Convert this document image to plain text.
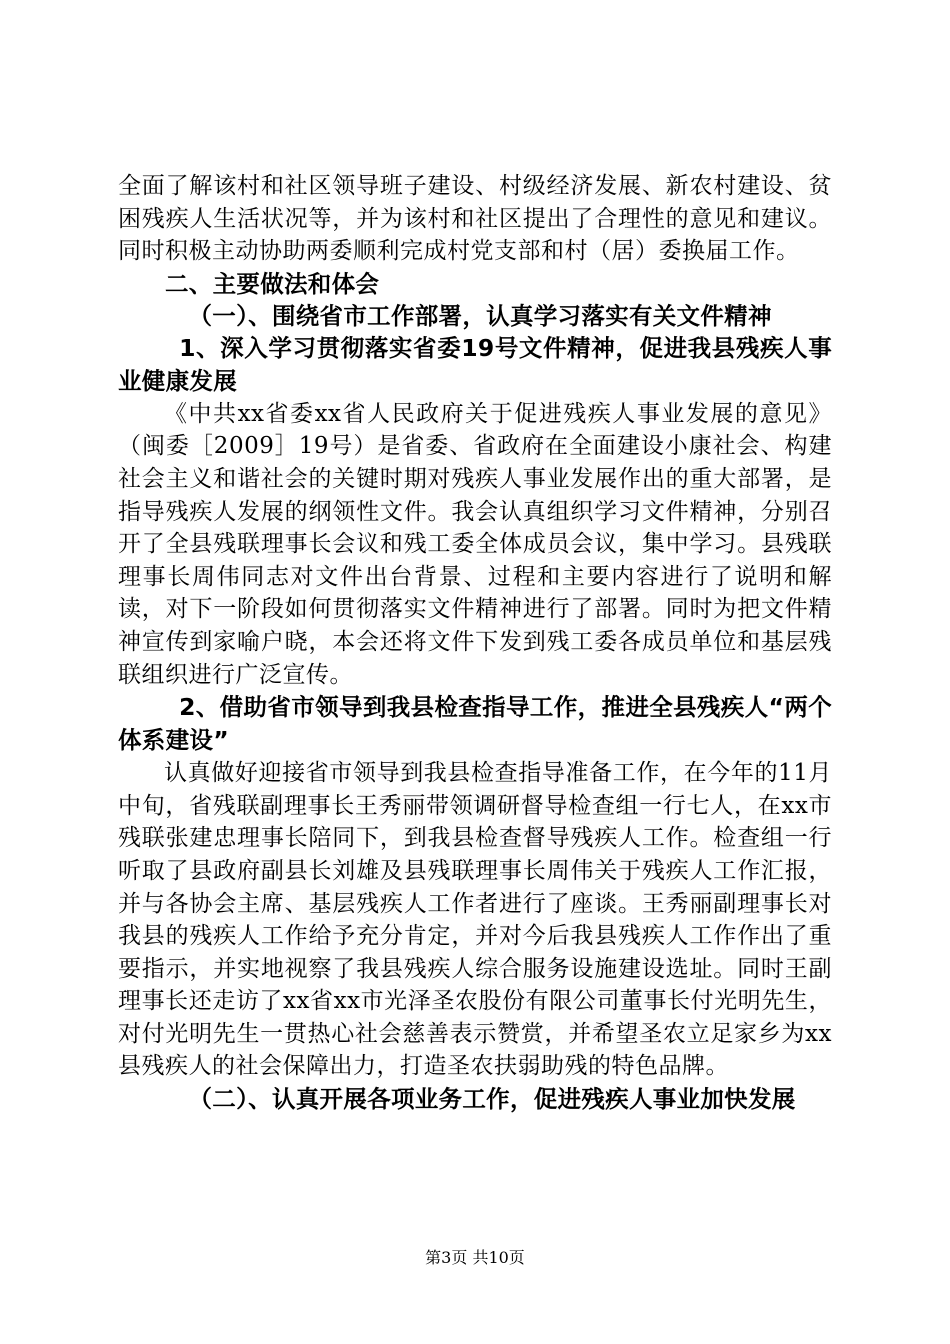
全面了解该村和社区领导班子建设、村级经济发展、新农村建设、贫困残疾人生活状况等，并为该村和社区提出了合理性的意见和建议。同时积极主动协助两委顺利完成村党支部和村（居）委换届工作。

二、主要做法和体会

（一）、围绕省市工作部署，认真学习落实有关文件精神

1、深入学习贯彻落实省委19号文件精神，促进我县残疾人事业健康发展

《中共xx省委xx省人民政府关于促进残疾人事业发展的意见》（闽委［2009］19号）是省委、省政府在全面建设小康社会、构建社会主义和谐社会的关键时期对残疾人事业发展作出的重大部署，是指导残疾人发展的纲领性文件。我会认真组织学习文件精神，分别召开了全县残联理事长会议和残工委全体成员会议，集中学习。县残联理事长周伟同志对文件出台背景、过程和主要内容进行了说明和解读，对下一阶段如何贯彻落实文件精神进行了部署。同时为把文件精神宣传到家喻户晓，本会还将文件下发到残工委各成员单位和基层残联组织进行广泛宣传。

2、借助省市领导到我县检查指导工作，推进全县残疾人“两个体系建设”

认真做好迎接省市领导到我县检查指导准备工作，在今年的11月中旬，省残联副理事长王秀丽带领调研督导检查组一行七人，在xx市残联张建忠理事长陪同下，到我县检查督导残疾人工作。检查组一行听取了县政府副县长刘雄及县残联理事长周伟关于残疾人工作汇报，并与各协会主席、基层残疾人工作者进行了座谈。王秀丽副理事长对我县的残疾人工作给予充分肯定，并对今后我县残疾人工作作出了重要指示，并实地视察了我县残疾人综合服务设施建设选址。同时王副理事长还走访了xx省xx市光泽圣农股份有限公司董事长付光明先生，对付光明先生一贯热心社会慈善表示赞赏，并希望圣农立足家乡为xx县残疾人的社会保障出力，打造圣农扶弱助残的特色品牌。

（二）、认真开展各项业务工作，促进残疾人事业加快发展

第3页 共10页
